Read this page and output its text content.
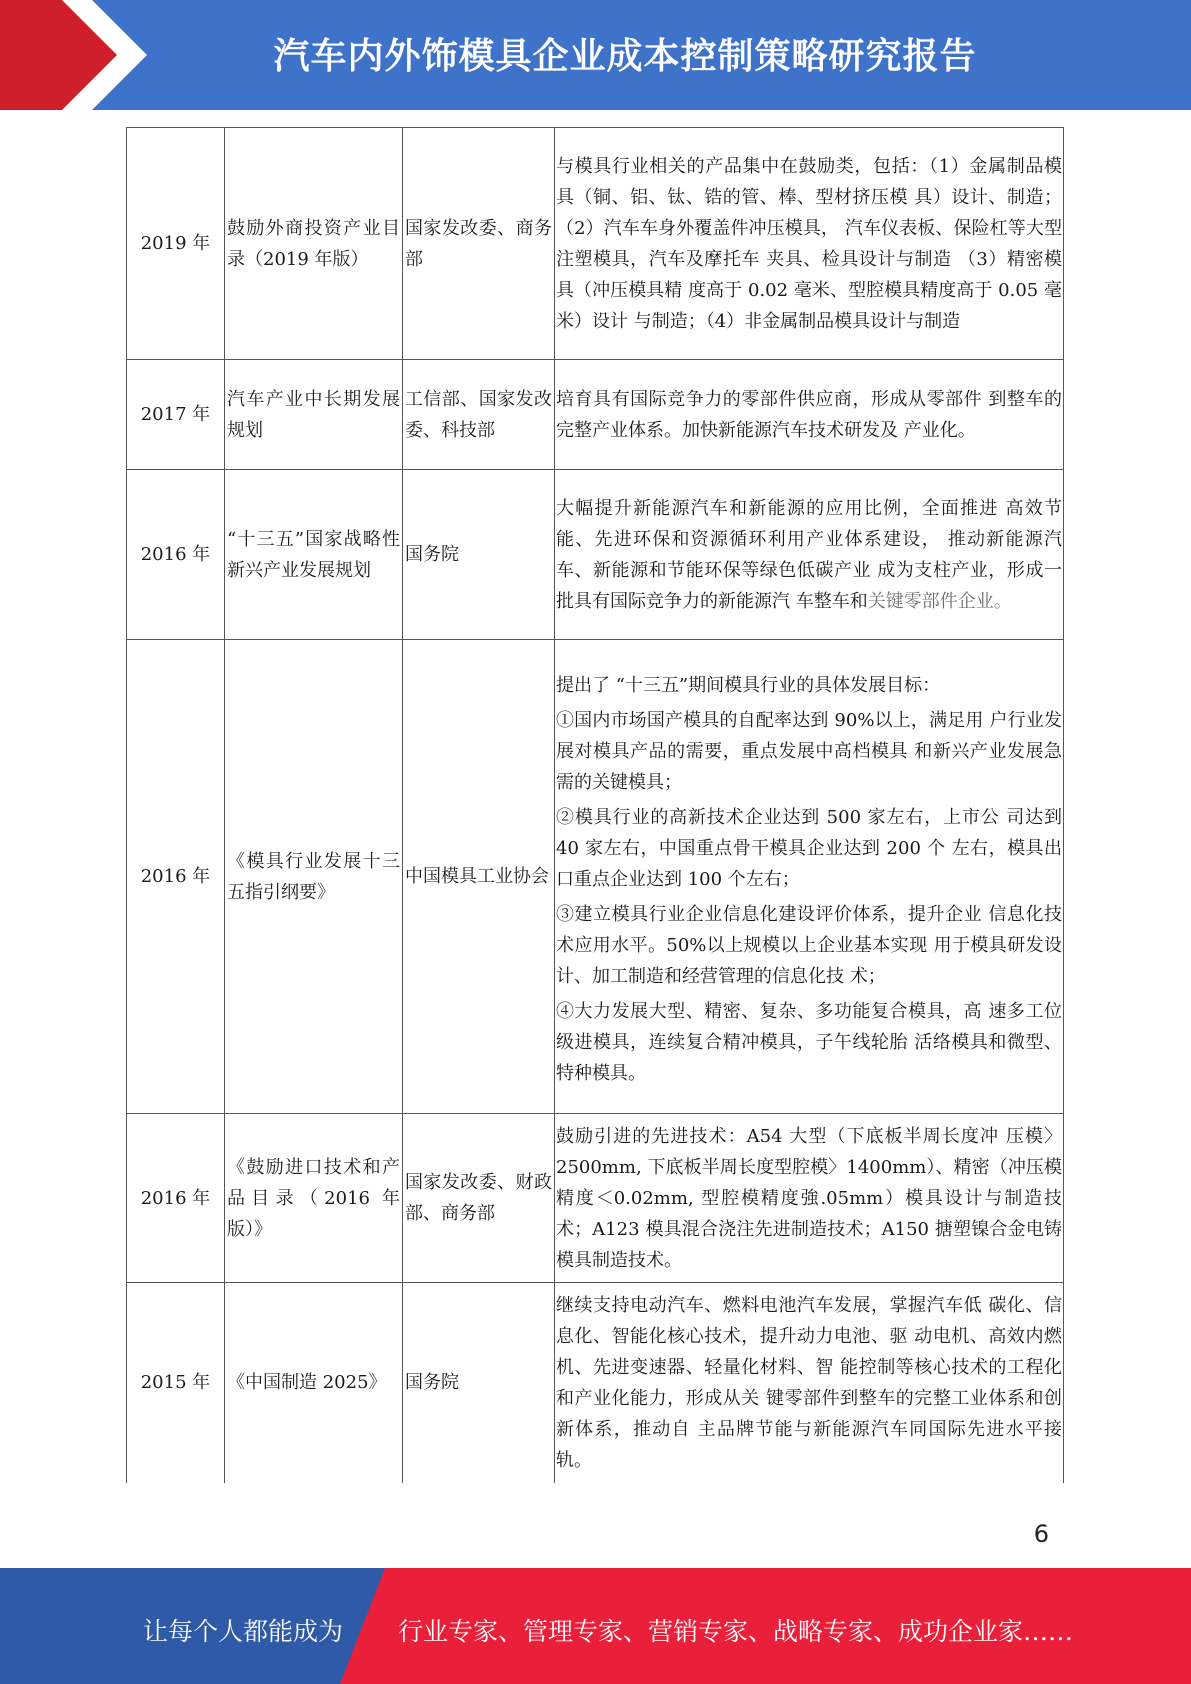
汽车内外饰模具企业成本控制策略研究报告
2019 年	鼓励外商投资产业目录（2019 年版）	国家发改委、商务部	与模具行业相关的产品集中在鼓励类，包括：（1）金属制品模具（铜、铝、钛、锆的管、棒、型材挤压模 具）设计、制造；（2）汽车车身外覆盖件冲压模具， 汽车仪表板、保险杠等大型注塑模具，汽车及摩托车 夹具、检具设计与制造 （3）精密模具（冲压模具精 度高于 0.02 毫米、型腔模具精度高于 0.05 毫米）设计 与制造；（4）非金属制品模具设计与制造

2017 年	汽车产业中长期发展规划	工信部、国家发改委、科技部	培育具有国际竞争力的零部件供应商，形成从零部件 到整车的完整产业体系。加快新能源汽车技术研发及 产业化。

2016 年	“十三五”国家战略性新兴产业发展规划	国务院	大幅提升新能源汽车和新能源的应用比例，全面推进 高效节能、先进环保和资源循环利用产业体系建设， 推动新能源汽车、新能源和节能环保等绿色低碳产业 成为支柱产业，形成一批具有国际竞争力的新能源汽 车整车和关键零部件企业。

2016 年	《模具行业发展十三五指引纲要》	中国模具工业协会	提出了 “十三五”期间模具行业的具体发展目标：

①国内市场国产模具的自配率达到 90%以上，满足用 户行业发展对模具产品的需要，重点发展中高档模具 和新兴产业发展急需的关键模具；

②模具行业的高新技术企业达到 500 家左右，上市公 司达到 40 家左右，中国重点骨干模具企业达到 200 个 左右，模具出口重点企业达到 100 个左右；

③建立模具行业企业信息化建设评价体系，提升企业 信息化技术应用水平。50%以上规模以上企业基本实现 用于模具研发设计、加工制造和经营管理的信息化技 术；

④大力发展大型、精密、复杂、多功能复合模具，高 速多工位级进模具，连续复合精冲模具，子午线轮胎 活络模具和微型、特种模具。

2016 年	《鼓励进口技术和产品目录（2016 年版）》	国家发改委、财政部、商务部	鼓励引进的先进技术：A54 大型（下底板半周长度冲 压模〉2500mm, 下底板半周长度型腔模〉1400mm）、精密（冲压模精度＜0.02mm, 型腔模精度強.05mm）模具设计与制造技术；A123 模具混合浇注先进制造技术；A150 搪塑镍合金电铸模具制造技术。

2015 年	《中国制造 2025》	国务院	继续支持电动汽车、燃料电池汽车发展，掌握汽车低 碳化、信息化、智能化核心技术，提升动力电池、驱 动电机、高效内燃机、先进变速器、轻量化材料、智 能控制等核心技术的工程化和产业化能力，形成从关 键零部件到整车的完整工业体系和创新体系，推动自 主品牌节能与新能源汽车同国际先进水平接轨。

6
让每个人都能成为 行业专家、管理专家、营销专家、战略专家、成功企业家……
